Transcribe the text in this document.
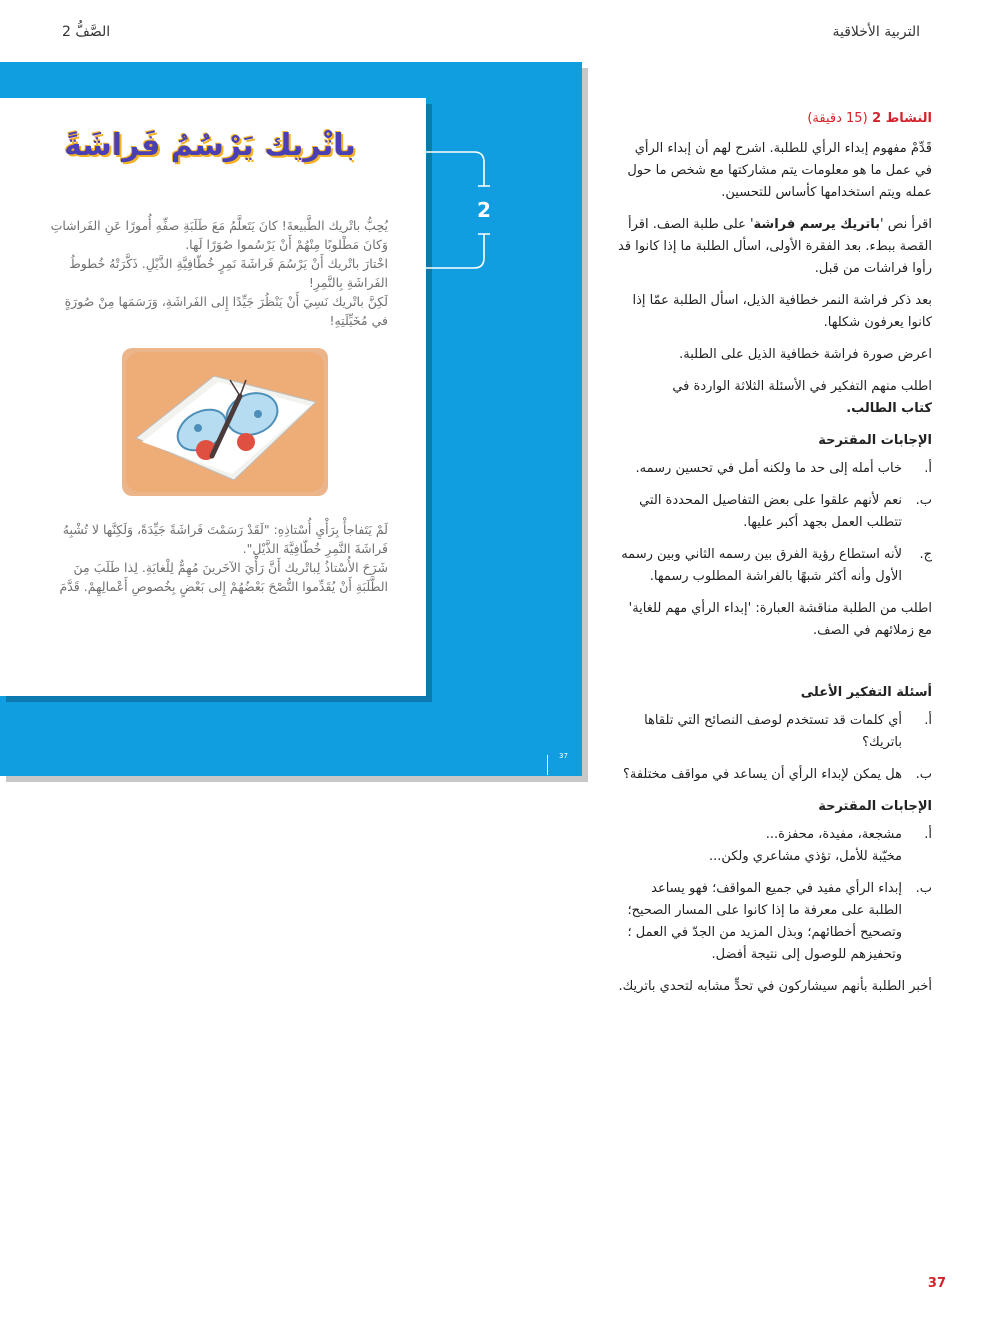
التربية الأخلاقية
الصَّفُّ 2
باتْريك يَرْسُمُ فَراشَةً

يُحِبُّ باتْريك الطَّبيعةَ! كانَ يَتَعلَّمُ مَعَ طَلَبَةِ صفِّهِ أُمورًا عَنِ الفَراشاتِ وَكانَ مَطْلوبًا مِنْهُمْ أَنْ يَرْسُموا صُوَرًا لَها.

اخْتارَ باتْريك أَنْ يَرْسُمَ فَراشَةَ نَمِرٍ خُطّافِيَّةِ الذَّيْلِ. ذَكَّرَتْهُ خُطوطُ الفَراشَةِ بِالنَّمِرِ!

لَكِنَّ باتْريك نَسِيَ أَنْ يَنْظُرَ جَيِّدًا إِلى الفَراشَةِ، وَرَسَمَها مِنْ صُورَةٍ في مُخَيِّلَتِهِ!

لَمْ يَتَفاجأْ بِرَأْيِ أُسْتاذِهِ: "لَقَدْ رَسَمْتَ فَراشَةً جَيِّدَةً، وَلَكِنَّها لا تُشْبِهُ فَراشَةَ النَّمِرِ خُطّافِيَّةَ الذَّيْلِ".

شَرَحَ الأُسْتاذُ لِباتْريك أَنَّ رَأْيَ الآخَرينَ مُهِمٌّ لِلْغايَةِ. لِذا طَلَبَ مِنَ الطَّلَبَةِ أَنْ يُقَدِّموا النُّصْحَ بَعْضُهُمْ إِلى بَعْضٍ بِخُصوصِ أَعْمالِهِمْ. قَدَّمَ

37
2

النشاط 2 (15 دقيقة)

قَدِّمْ مفهوم إبداء الرأي للطلبة. اشرح لهم أن إبداء الرأي في عمل ما هو معلومات يتم مشاركتها مع شخص ما حول عمله ويتم استخدامها كأساس للتحسين.

اقرأ نص 'باتريك يرسم فراشة' على طلبة الصف. اقرأ القصة ببطء. بعد الفقرة الأولى، اسأل الطلبة ما إذا كانوا قد رأوا فراشات من قبل.

بعد ذكر فراشة النمر خطافية الذيل، اسأل الطلبة عمّا إذا كانوا يعرفون شكلها.

اعرض صورة فراشة خطافية الذيل على الطلبة.

اطلب منهم التفكير في الأسئلة الثلاثة الواردة في
كتاب الطالب.

الإجابات المقترحة

أ.
خاب أمله إلى حد ما ولكنه أمل في تحسين رسمه.
ب.
نعم لأنهم علقوا على بعض التفاصيل المحددة التي تتطلب العمل بجهد أكبر عليها.
ج.
لأنه استطاع رؤية الفرق بين رسمه الثاني وبين رسمه الأول وأنه أكثر شبهًا بالفراشة المطلوب رسمها.

اطلب من الطلبة مناقشة العبارة: 'إبداء الرأي مهم للغاية' مع زملائهم في الصف.

أسئلة التفكير الأعلى

أ.
أي كلمات قد تستخدم لوصف النصائح التي تلقاها باتريك؟
ب.
هل يمكن لإبداء الرأي أن يساعد في مواقف مختلفة؟

الإجابات المقترحة

أ.
مشجعة، مفيدة، محفزة...
مخيّبة للأمل، تؤذي مشاعري ولكن...
ب.
إبداء الرأي مفيد في جميع المواقف؛ فهو يساعد الطلبة على معرفة ما إذا كانوا على المسار الصحيح؛ وتصحيح أخطائهم؛ وبذل المزيد من الجدّ في العمل ؛ وتحفيزهم للوصول إلى نتيجة أفضل.

أخبر الطلبة بأنهم سيشاركون في تحدٍّ مشابه لتحدي باتريك.

37
